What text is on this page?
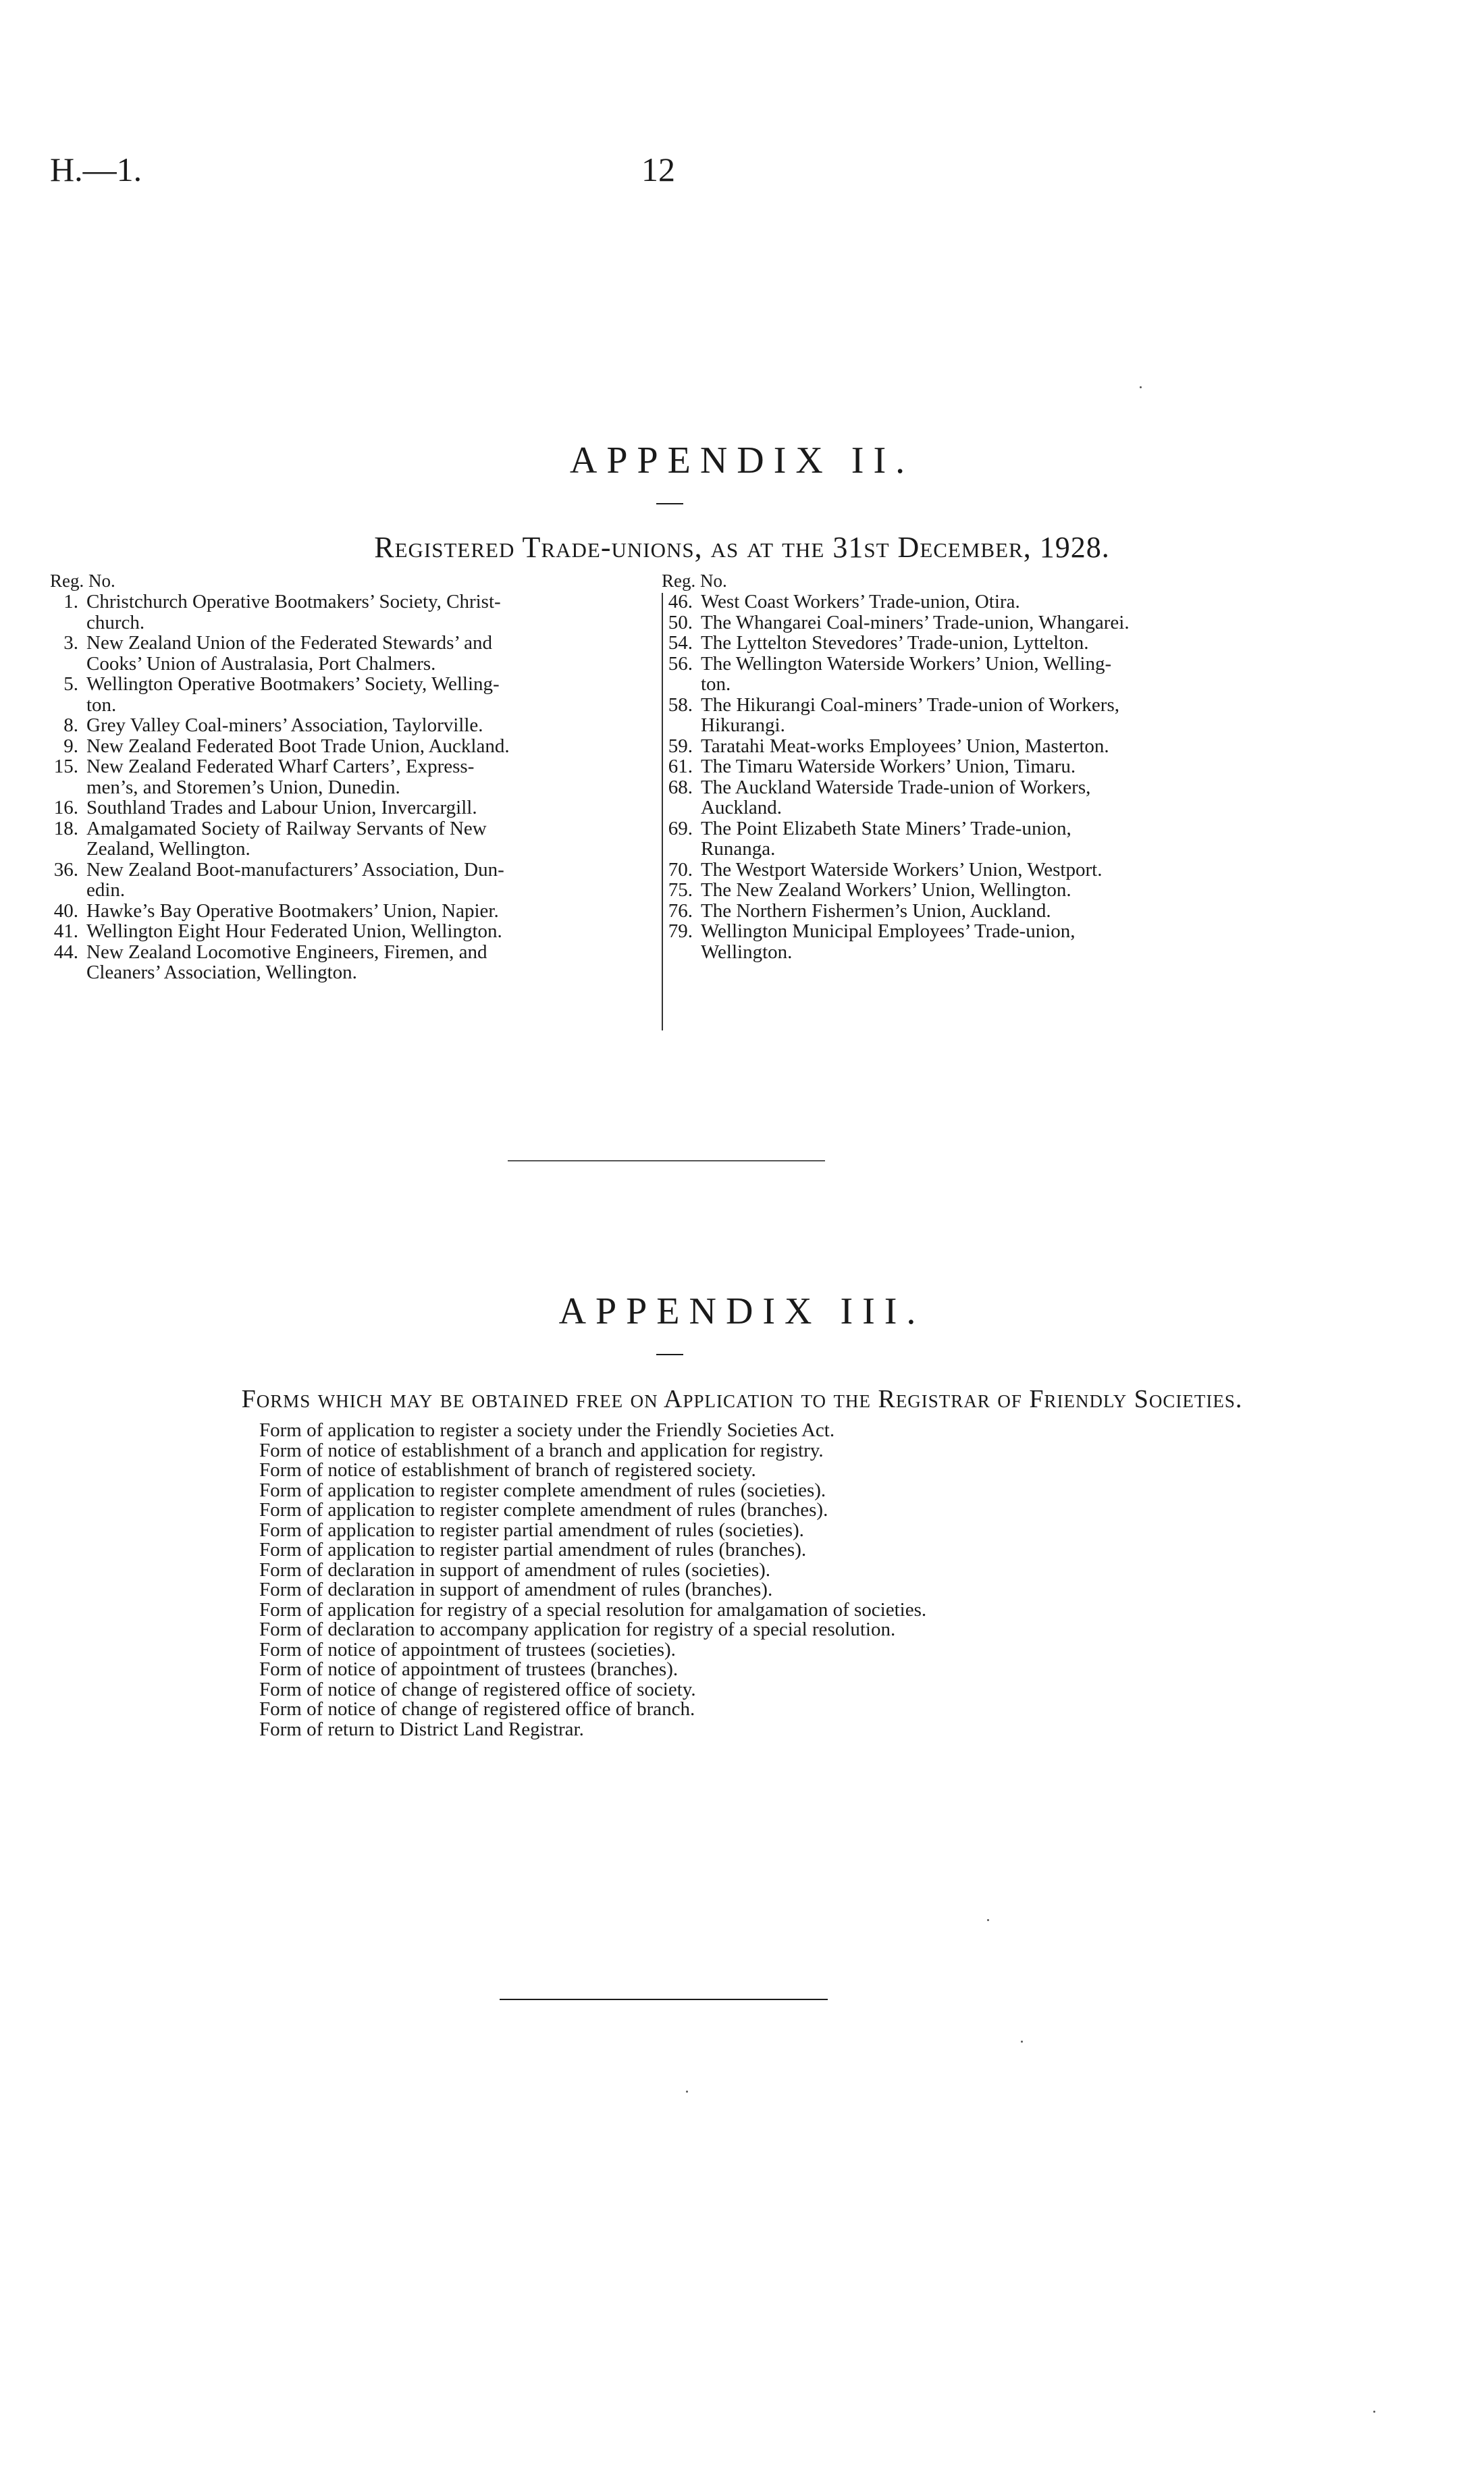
H.—1.	12
APPENDIX II.
Registered Trade-unions, as at the 31st December, 1928.
Reg. No.	Reg. No.
1. Christchurch Operative Bootmakers’ Society, Christ-
church.
3. New Zealand Union of the Federated Stewards’ and
Cooks’ Union of Australasia, Port Chalmers.
5. Wellington Operative Bootmakers’ Society, Welling-
ton.
8. Grey Valley Coal-miners’ Association, Taylorville.
9. New Zealand Federated Boot Trade Union, Auckland.
15. New Zealand Federated Wharf Carters’, Express-
men’s, and Storemen’s Union, Dunedin.
16. Southland Trades and Labour Union, Invercargill.
18. Amalgamated Society of Railway Servants of New
Zealand, Wellington.
36. New Zealand Boot-manufacturers’ Association, Dun-
edin.
40. Hawke’s Bay Operative Bootmakers’ Union, Napier.
41. Wellington Eight Hour Federated Union, Wellington.
44. New Zealand Locomotive Engineers, Firemen, and
Cleaners’ Association, Wellington.
46. West Coast Workers’ Trade-union, Otira.
50. The Whangarei Coal-miners’ Trade-union, Whangarei.
54. The Lyttelton Stevedores’ Trade-union, Lyttelton.
56. The Wellington Waterside Workers’ Union, Welling-
ton.
58. The Hikurangi Coal-miners’ Trade-union of Workers,
Hikurangi.
59. Taratahi Meat-works Employees’ Union, Masterton.
61. The Timaru Waterside Workers’ Union, Timaru.
68. The Auckland Waterside Trade-union of Workers,
Auckland.
69. The Point Elizabeth State Miners’ Trade-union,
Runanga.
70. The Westport Waterside Workers’ Union, Westport.
75. The New Zealand Workers’ Union, Wellington.
76. The Northern Fishermen’s Union, Auckland.
79. Wellington Municipal Employees’ Trade-union,
Wellington.
APPENDIX III.
Forms which may be obtained free on Application to the Registrar of Friendly Societies.
Form of application to register a society under the Friendly Societies Act.
Form of notice of establishment of a branch and application for registry.
Form of notice of establishment of branch of registered society.
Form of application to register complete amendment of rules (societies).
Form of application to register complete amendment of rules (branches).
Form of application to register partial amendment of rules (societies).
Form of application to register partial amendment of rules (branches).
Form of declaration in support of amendment of rules (societies).
Form of declaration in support of amendment of rules (branches).
Form of application for registry of a special resolution for amalgamation of societies.
Form of declaration to accompany application for registry of a special resolution.
Form of notice of appointment of trustees (societies).
Form of notice of appointment of trustees (branches).
Form of notice of change of registered office of society.
Form of notice of change of registered office of branch.
Form of return to District Land Registrar.
